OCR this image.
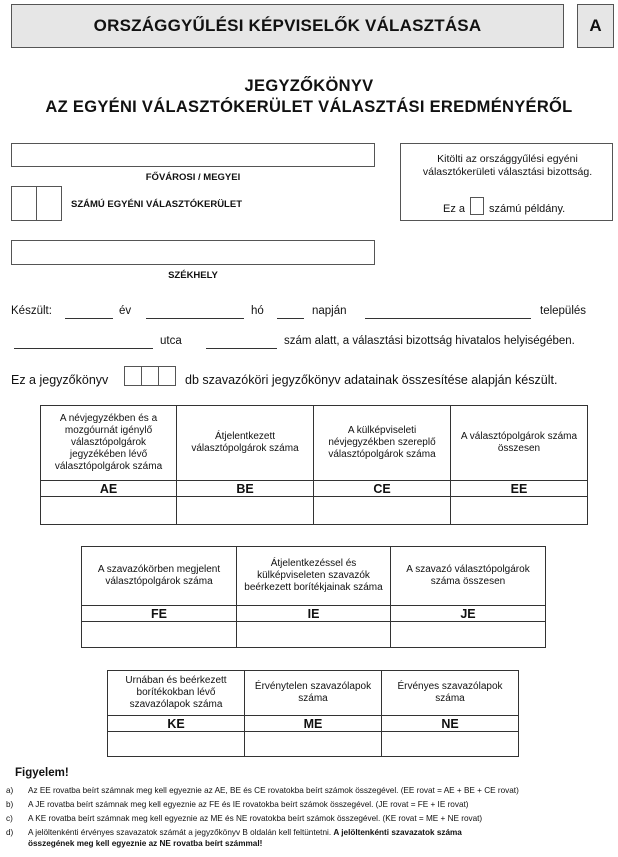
ORSZÁGGYŰLÉSI KÉPVISELŐK VÁLASZTÁSA	A
JEGYZŐKÖNYV
AZ EGYÉNI VÁLASZTÓKERÜLET VÁLASZTÁSI EREDMÉNYÉRŐL
FŐVÁROSI / MEGYEI
SZÁMÚ EGYÉNI VÁLASZTÓKERÜLET
Kitölti az országgyűlési egyéni
választókerületi választási bizottság.
Ez a számú példány.
SZÉKHELY
Készült:	év	hó	napján	település
utca	szám alatt, a választási bizottság hivatalos helyiségében.
Ez a jegyzőkönyv	db szavazóköri jegyzőkönyv adatainak összesítése alapján készült.
A névjegyzékben és a mozgóurnát igénylő választópolgárok jegyzékében lévő választópolgárok száma	Átjelentkezett választópolgárok száma	A külképviseleti névjegyzékben szereplő választópolgárok száma	A választópolgárok száma összesen
AE	BE	CE	EE

A szavazókörben megjelent választópolgárok száma	Átjelentkezéssel és külképviseleten szavazók beérkezett borítékjainak száma	A szavazó választópolgárok száma összesen
FE	IE	JE

Urnában és beérkezett borítékokban lévő szavazólapok száma	Érvénytelen szavazólapok száma	Érvényes szavazólapok száma
KE	ME	NE

Figyelem!
a) Az EE rovatba beírt számnak meg kell egyeznie az AE, BE és CE rovatokba beírt számok összegével. (EE rovat = AE + BE + CE rovat)
b) A JE rovatba beírt számnak meg kell egyeznie az FE és IE rovatokba beírt számok összegével. (JE rovat = FE + IE rovat)
c) A KE rovatba beírt számnak meg kell egyeznie az ME és NE rovatokba beírt számok összegével. (KE rovat = ME + NE rovat)
d) A jelöltenkénti érvényes szavazatok számát a jegyzőkönyv B oldalán kell feltüntetni. A jelöltenkénti szavazatok száma
összegének meg kell egyeznie az NE rovatba beírt számmal!
